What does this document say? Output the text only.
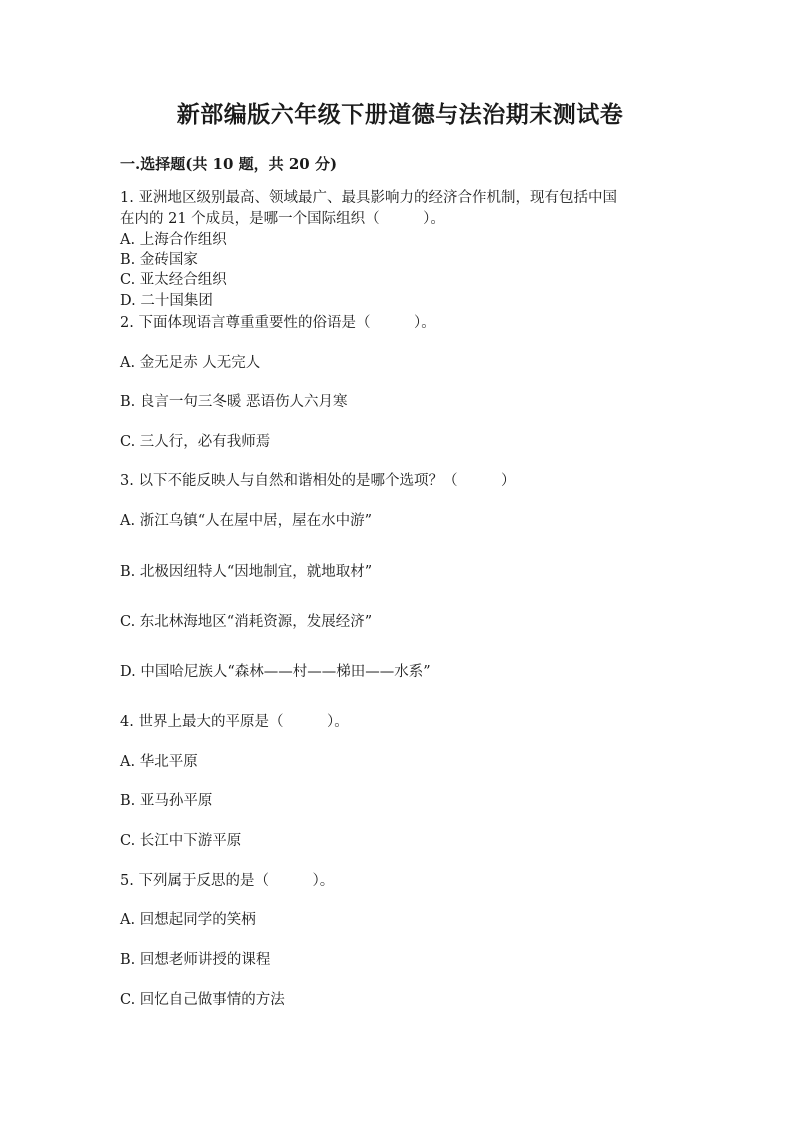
新部编版六年级下册道德与法治期末测试卷
一.选择题(共 10 题，共 20 分)
1. 亚洲地区级别最高、领域最广、最具影响力的经济合作机制，现有包括中国
在内的 21 个成员，是哪一个国际组织（　　　）。
A. 上海合作组织
B. 金砖国家
C. 亚太经合组织
D. 二十国集团
2. 下面体现语言尊重重要性的俗语是（　　　）。
A. 金无足赤 人无完人
B. 良言一句三冬暖 恶语伤人六月寒
C. 三人行，必有我师焉
3. 以下不能反映人与自然和谐相处的是哪个选项？（　　　）
A. 浙江乌镇“人在屋中居，屋在水中游”
B. 北极因纽特人“因地制宜，就地取材”
C. 东北林海地区“消耗资源，发展经济”
D. 中国哈尼族人“森林——村——梯田——水系”
4. 世界上最大的平原是（　　　）。
A. 华北平原
B. 亚马孙平原
C. 长江中下游平原
5. 下列属于反思的是（　　　）。
A. 回想起同学的笑柄
B. 回想老师讲授的课程
C. 回忆自己做事情的方法
